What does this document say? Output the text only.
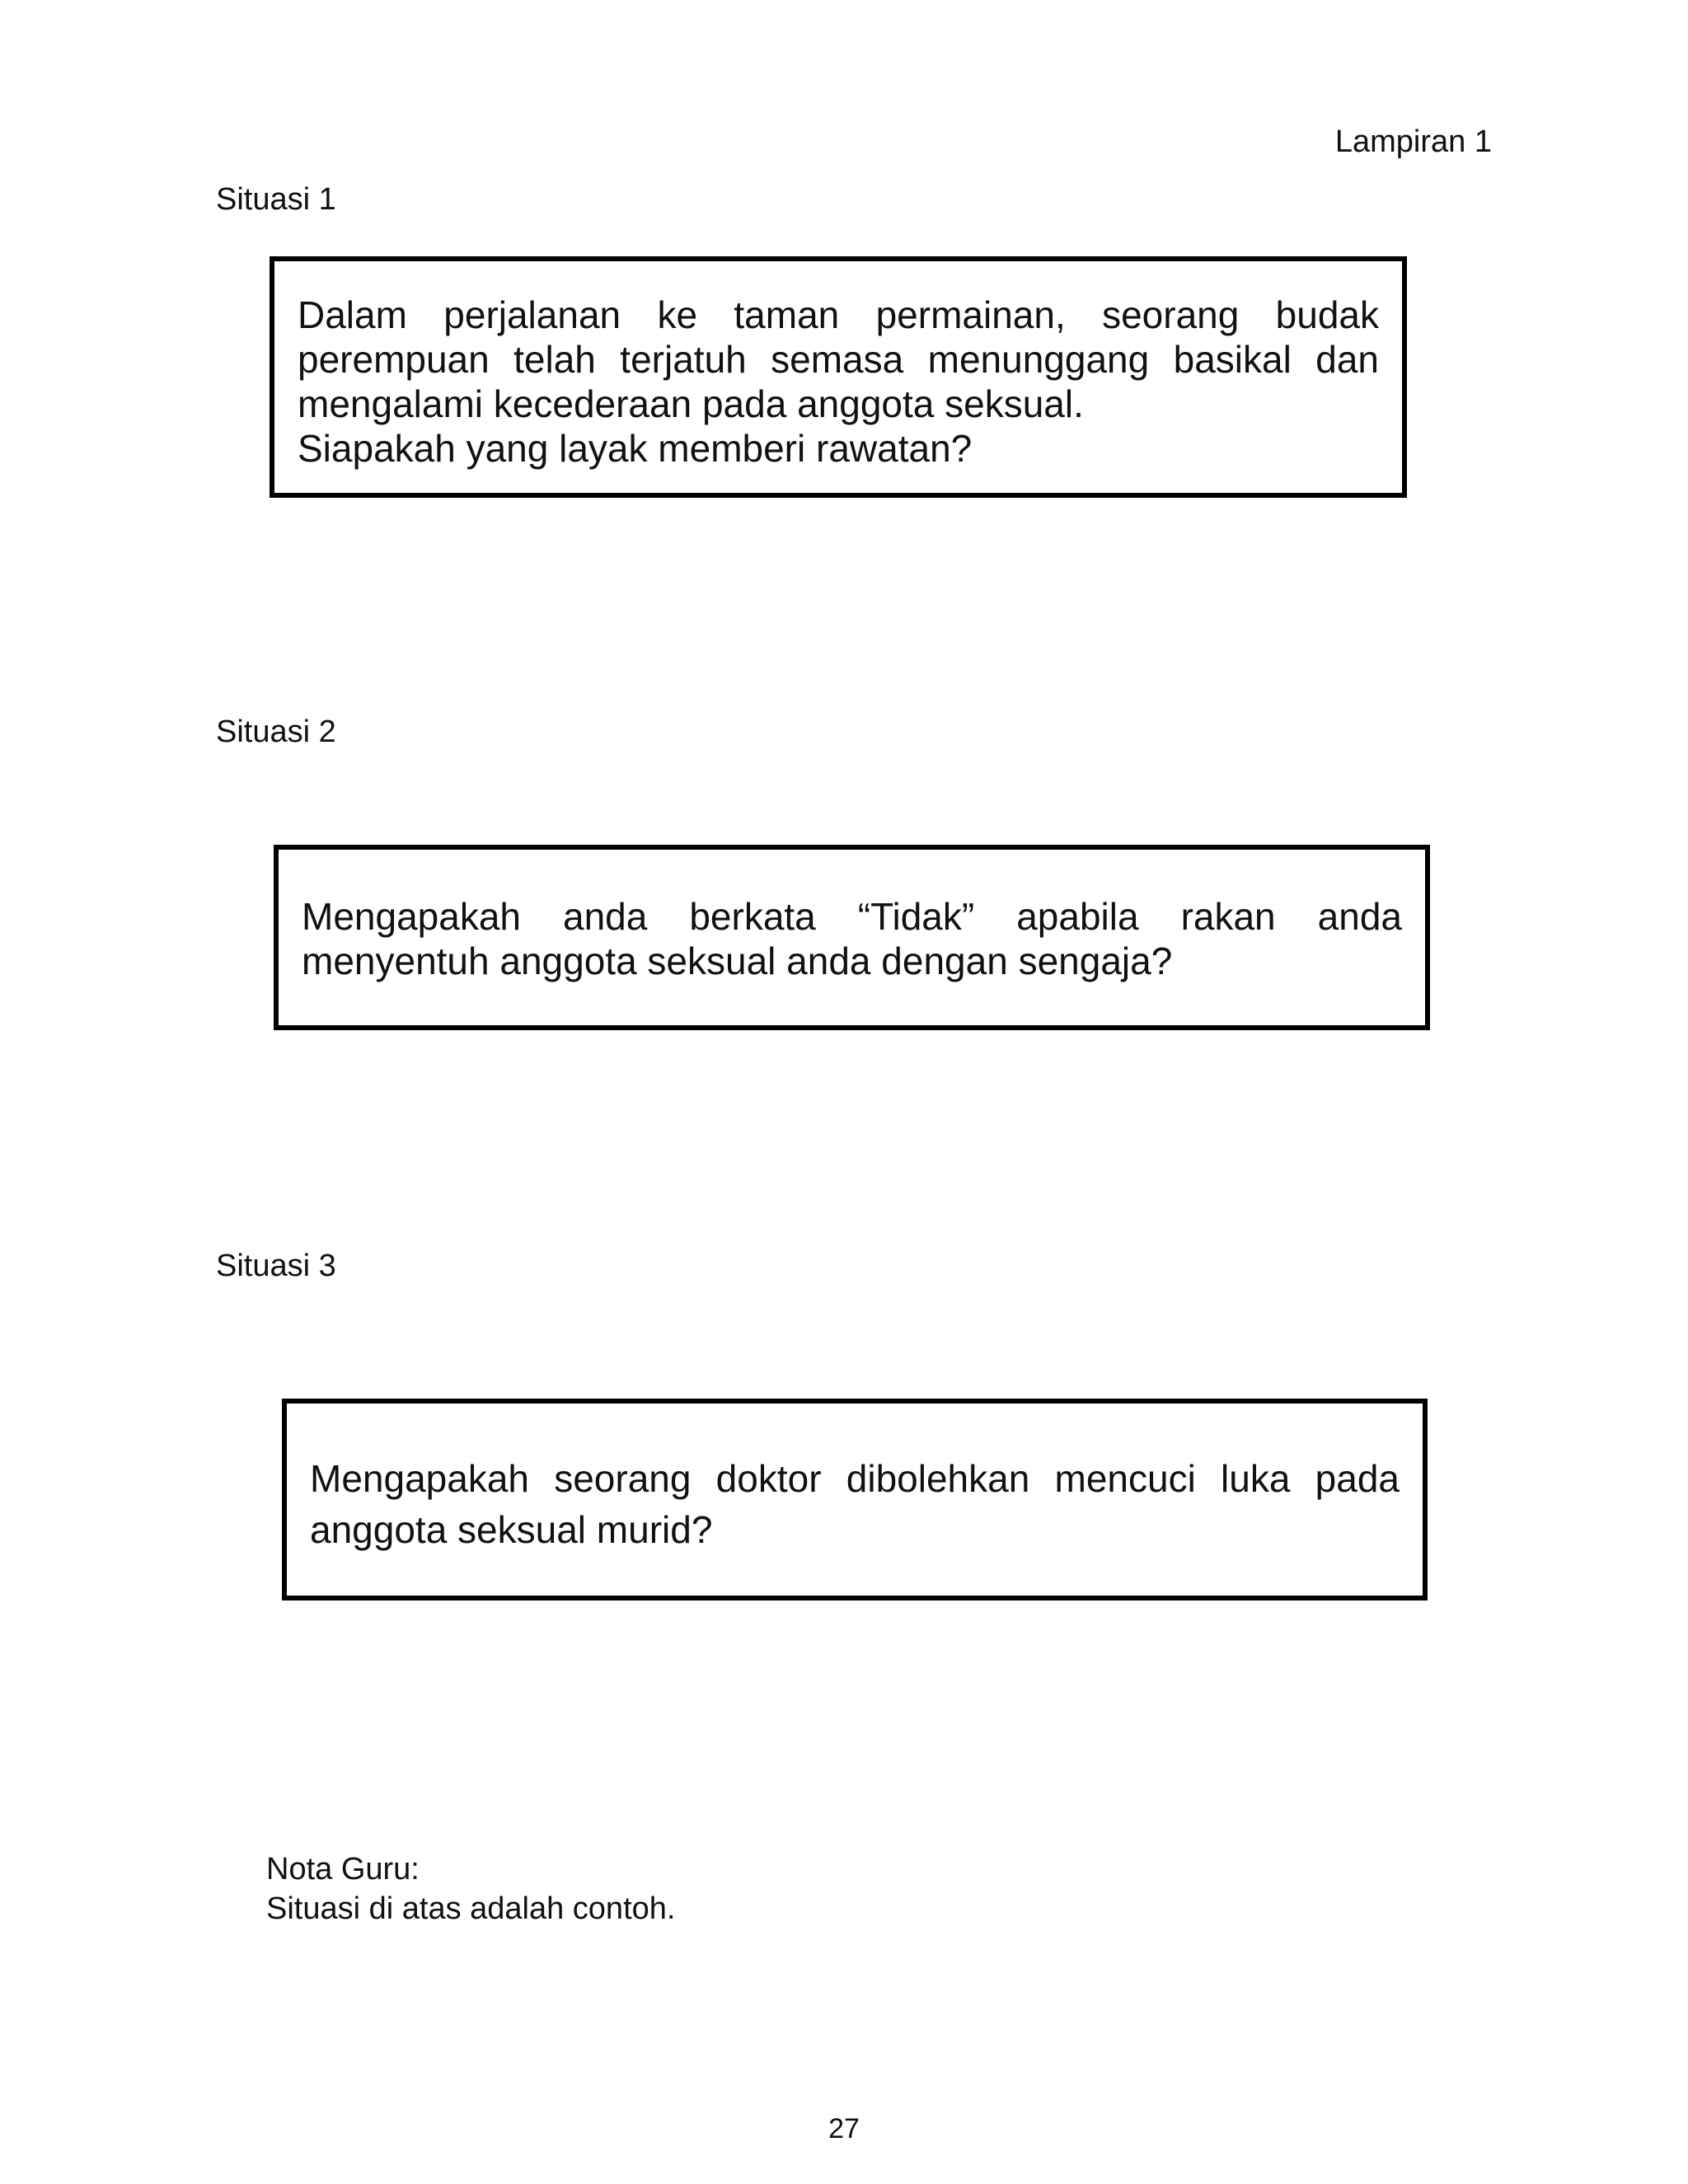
Lampiran 1
Situasi 1
Dalam perjalanan ke taman permainan, seorang budak perempuan telah terjatuh semasa menunggang basikal dan mengalami kecederaan pada anggota seksual.
Siapakah yang layak memberi rawatan?
Situasi 2
Mengapakah anda berkata “Tidak” apabila rakan anda menyentuh anggota seksual anda dengan sengaja?
Situasi 3
Mengapakah seorang doktor dibolehkan mencuci luka pada anggota seksual murid?
Nota Guru:
Situasi di atas adalah contoh.
27
